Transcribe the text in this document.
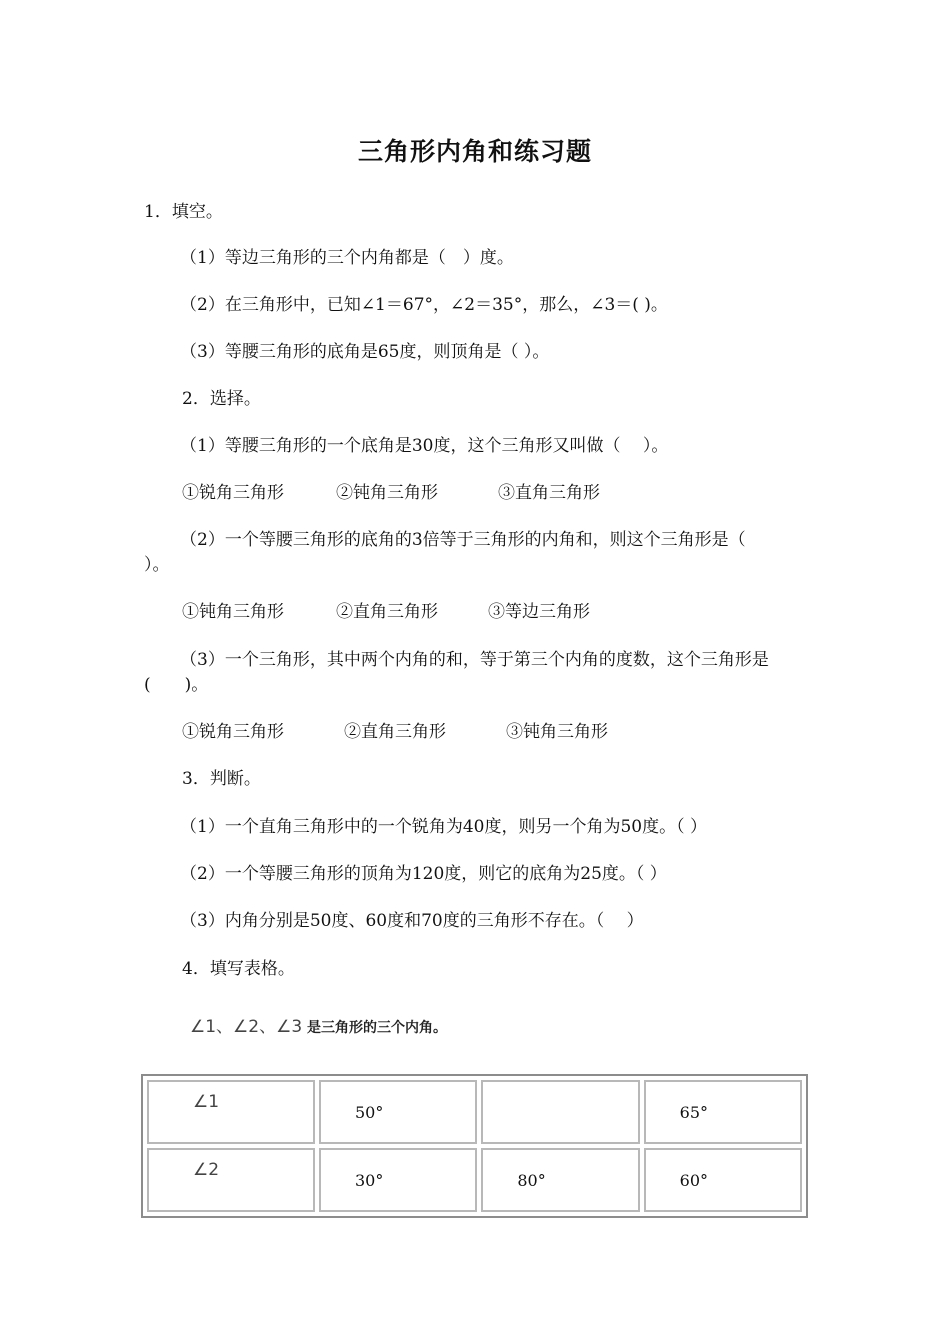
三角形内角和练习题
1．填空。
（1）等边三角形的三个内角都是（　）度。
（2）在三角形中，已知∠1＝67°，∠2＝35°，那么，∠3＝( )。
（3）等腰三角形的底角是65度，则顶角是（ ）。
2．选择。
（1）等腰三角形的一个底角是30度，这个三角形又叫做（　 ）。
①锐角三角形	②钝角三角形	③直角三角形
（2）一个等腰三角形的底角的3倍等于三角形的内角和，则这个三角形是（
）。
①钝角三角形	②直角三角形	③等边三角形
（3）一个三角形，其中两个内角的和，等于第三个内角的度数，这个三角形是
(　　)。
①锐角三角形	②直角三角形	③钝角三角形
3．判断。
（1）一个直角三角形中的一个锐角为40度，则另一个角为50度。（ ）
（2）一个等腰三角形的顶角为120度，则它的底角为25度。（ ）
（3）内角分别是50度、60度和70度的三角形不存在。（　 ）
4．填写表格。
∠1、∠2、∠3 是三角形的三个内角。
∠1	50°		65°
∠2	30°	80°	60°
